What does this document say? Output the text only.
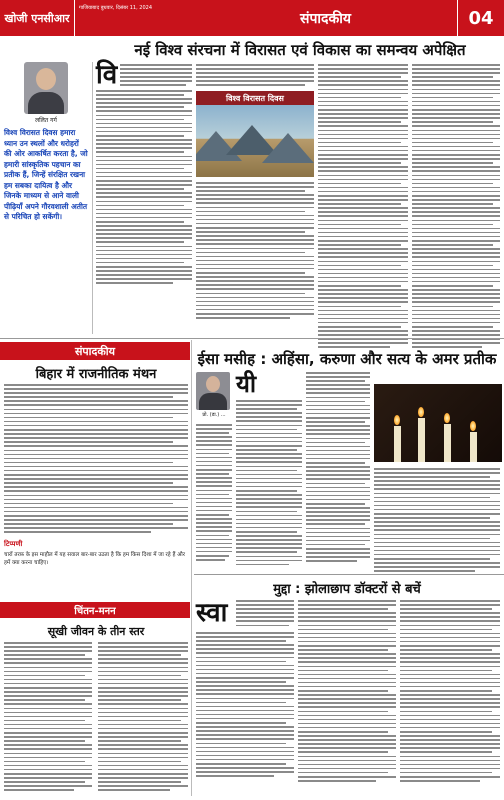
खोजी एनसीआर
गाजियाबाद बुधवार, दिसंबर 11, 2024
संपादकीय	04
नई विश्व संरचना में विरासत एवं विकास का समन्वय अपेक्षित
ललित गर्ग
विश्व विरासत दिवस हमारा ध्यान उन स्थलों और धरोहरों की ओर आकर्षित करता है, जो हमारी सांस्कृतिक पहचान का प्रतीक हैं, जिन्हें संरक्षित रखना हम सबका दायित्व है और जिनके माध्यम से आने वाली पीढ़ियाँ अपने गौरवशाली अतीत से परिचित हो सकेंगी।
वि
विश्व विरासत दिवस
संपादकीय
बिहार में राजनीतिक मंथन
टिप्पणी
चारों तरफ़ के इस माहौल में यह सवाल बार-बार उठता है कि हम किस दिशा में जा रहे हैं और हमें क्या करना चाहिए।
चिंतन-मनन
सूखी जीवन के तीन स्तर
ईसा मसीह : अहिंसा, करुणा और सत्य के अमर प्रतीक
प्रो. (डा.) ...
यी
मुद्दा : झोलाछाप डॉक्टरों से बचें
स्वा
